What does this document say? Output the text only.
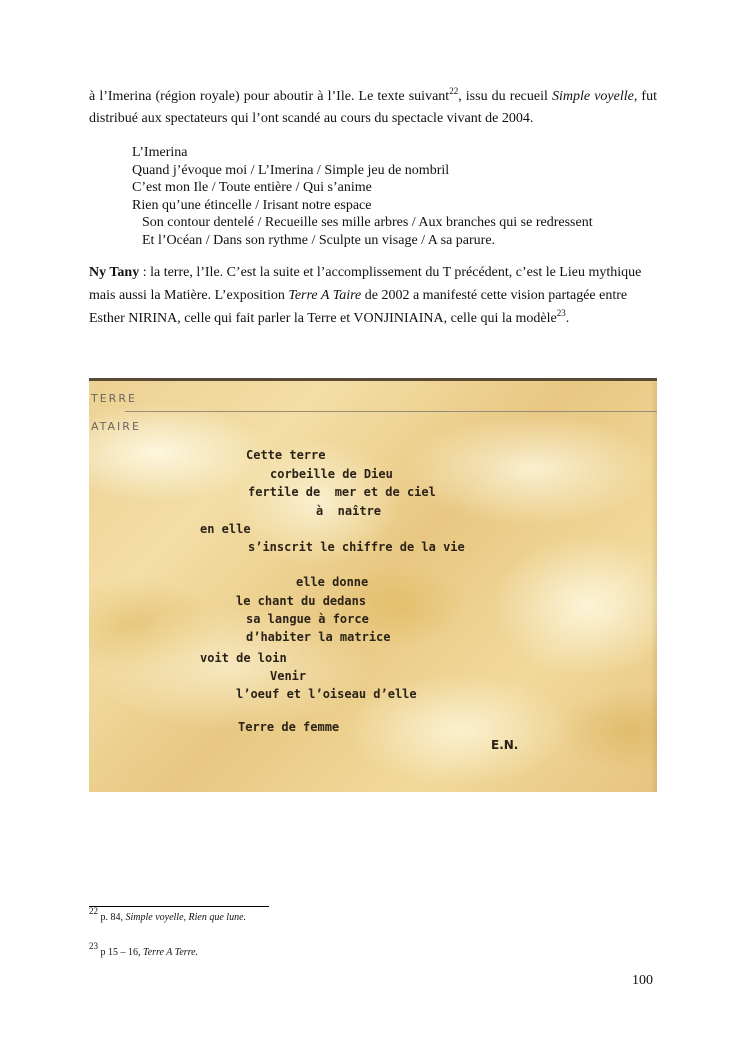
à l’Imerina (région royale) pour aboutir à l’Ile. Le texte suivant$^{22}$, issu du recueil Simple voyelle, fut distribué aux spectateurs qui l’ont scandé au cours du spectacle vivant de 2004.
L’Imerina
Quand j’évoque moi / L’Imerina / Simple jeu de nombril
C’est mon Ile / Toute entière / Qui s’anime
Rien qu’une étincelle / Irisant notre espace
Son contour dentelé / Recueille ses mille arbres / Aux branches qui se redressent
Et l’Océan / Dans son rythme / Sculpte un visage / A sa parure.
Ny Tany : la terre, l’Ile. C’est la suite et l’accomplissement du T précédent, c’est le Lieu mythique mais aussi la Matière. L’exposition Terre A Taire de 2002 a manifesté cette vision partagée entre Esther NIRINA, celle qui fait parler la Terre et VONJINIAINA, celle qui la modèle$^{23}$.
TERRE
ATAIRE
Cette terre
corbeille de Dieu
fertile de  mer et de ciel
à  naître
en elle
s’inscrit le chiffre de la vie
elle donne
le chant du dedans
sa langue à force
d’habiter la matrice
voit de loin
Venir
l’oeuf et l’oiseau d’elle
Terre de femme
E.N.
$^{22}$ p. 84, Simple voyelle, Rien que lune.
$^{23}$ p 15 – 16, Terre A Terre.
100
